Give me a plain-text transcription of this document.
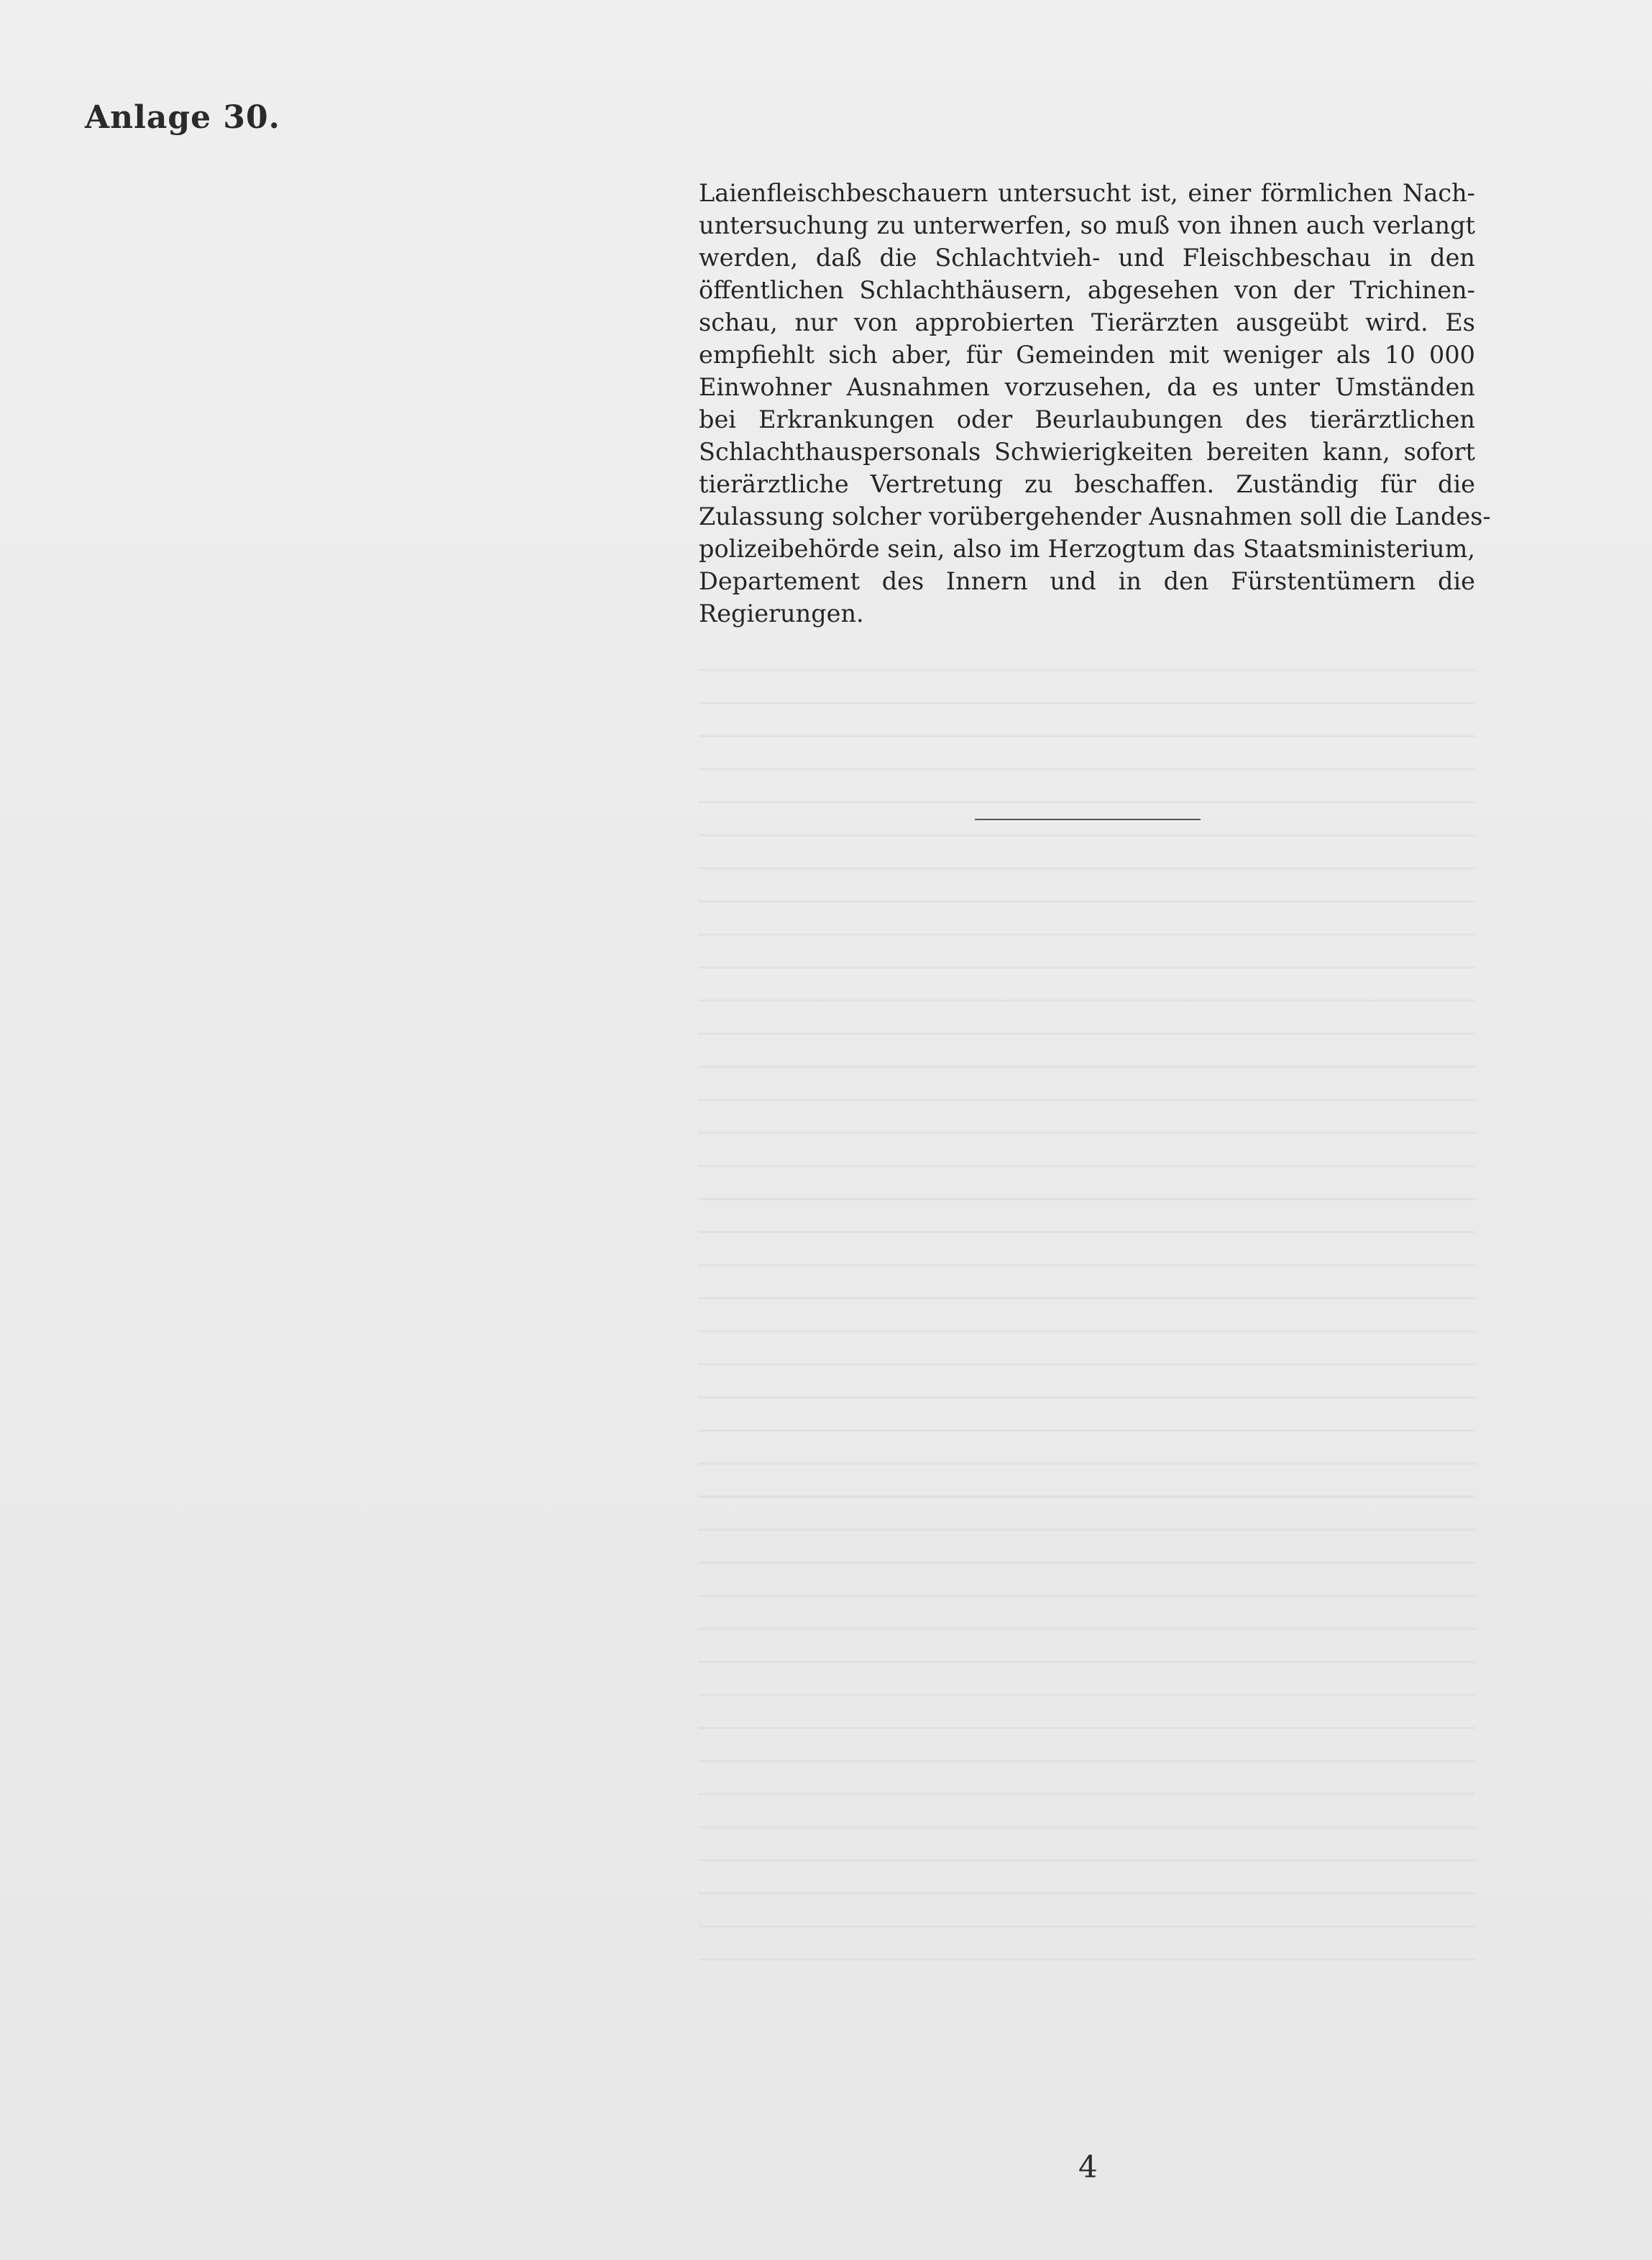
Anlage 30.
Laienfleischbeschauern untersucht ist, einer förmlichen Nach-
untersuchung zu unterwerfen, so muß von ihnen auch verlangt
werden, daß die Schlachtvieh- und Fleischbeschau in den
öffentlichen Schlachthäusern, abgesehen von der Trichinen-
schau, nur von approbierten Tierärzten ausgeübt wird. Es
empfiehlt sich aber, für Gemeinden mit weniger als 10 000
Einwohner Ausnahmen vorzusehen, da es unter Umständen
bei Erkrankungen oder Beurlaubungen des tierärztlichen
Schlachthauspersonals Schwierigkeiten bereiten kann, sofort
tierärztliche Vertretung zu beschaffen. Zuständig für die
Zulassung solcher vorübergehender Ausnahmen soll die Landes-
polizeibehörde sein, also im Herzogtum das Staatsministerium,
Departement des Innern und in den Fürstentümern die
Regierungen.
4
